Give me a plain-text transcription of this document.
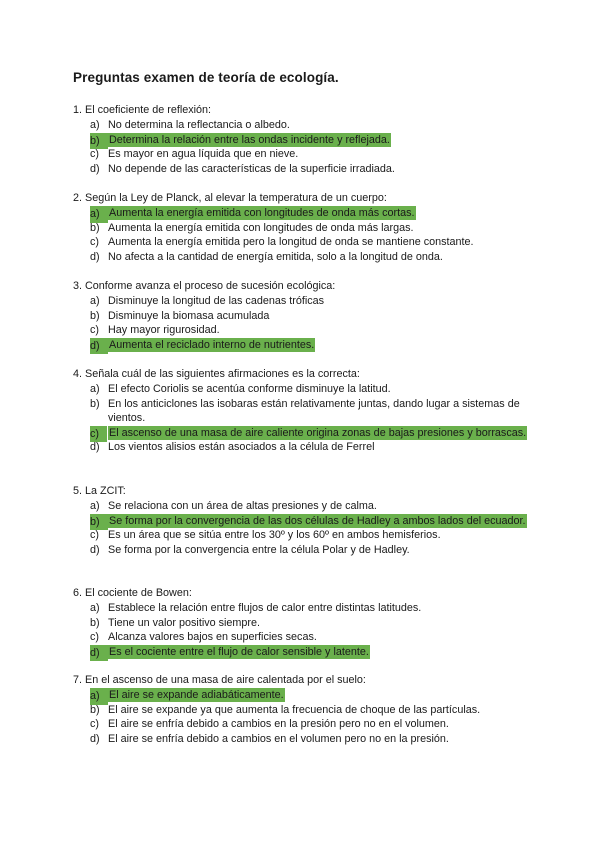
Preguntas examen de teoría de ecología.
1. El coeficiente de reflexión:
a) No determina la reflectancia o albedo.
b) Determina la relación entre las ondas incidente y reflejada.
c) Es mayor en agua líquida que en nieve.
d) No depende de las características de la superficie irradiada.
2. Según la Ley de Planck, al elevar la temperatura de un cuerpo:
a) Aumenta la energía emitida con longitudes de onda más cortas.
b) Aumenta la energía emitida con longitudes de onda más largas.
c) Aumenta la energía emitida pero la longitud de onda se mantiene constante.
d) No afecta a la cantidad de energía emitida, solo a la longitud de onda.
3. Conforme avanza el proceso de sucesión ecológica:
a) Disminuye la longitud de las cadenas tróficas
b) Disminuye la biomasa acumulada
c) Hay mayor rigurosidad.
d) Aumenta el reciclado interno de nutrientes.
4. Señala cuál de las siguientes afirmaciones es la correcta:
a) El efecto Coriolis se acentúa conforme disminuye la latitud.
b) En los anticiclones las isobaras están relativamente juntas, dando lugar a sistemas de vientos.
c) El ascenso de una masa de aire caliente origina zonas de bajas presiones y borrascas.
d) Los vientos alisios están asociados a la célula de Ferrel
5. La ZCIT:
a) Se relaciona con un área de altas presiones y de calma.
b) Se forma por la convergencia de las dos células de Hadley a ambos lados del ecuador.
c) Es un área que se sitúa entre los 30º y los 60º en ambos hemisferios.
d) Se forma por la convergencia entre la célula Polar y de Hadley.
6. El cociente de Bowen:
a) Establece la relación entre flujos de calor entre distintas latitudes.
b) Tiene un valor positivo siempre.
c) Alcanza valores bajos en superficies secas.
d) Es el cociente entre el flujo de calor sensible y latente.
7. En el ascenso de una masa de aire calentada por el suelo:
a) El aire se expande adiabáticamente.
b) El aire se expande ya que aumenta la frecuencia de choque de las partículas.
c) El aire se enfría debido a cambios en la presión pero no en el volumen.
d) El aire se enfría debido a cambios en el volumen pero no en la presión.
